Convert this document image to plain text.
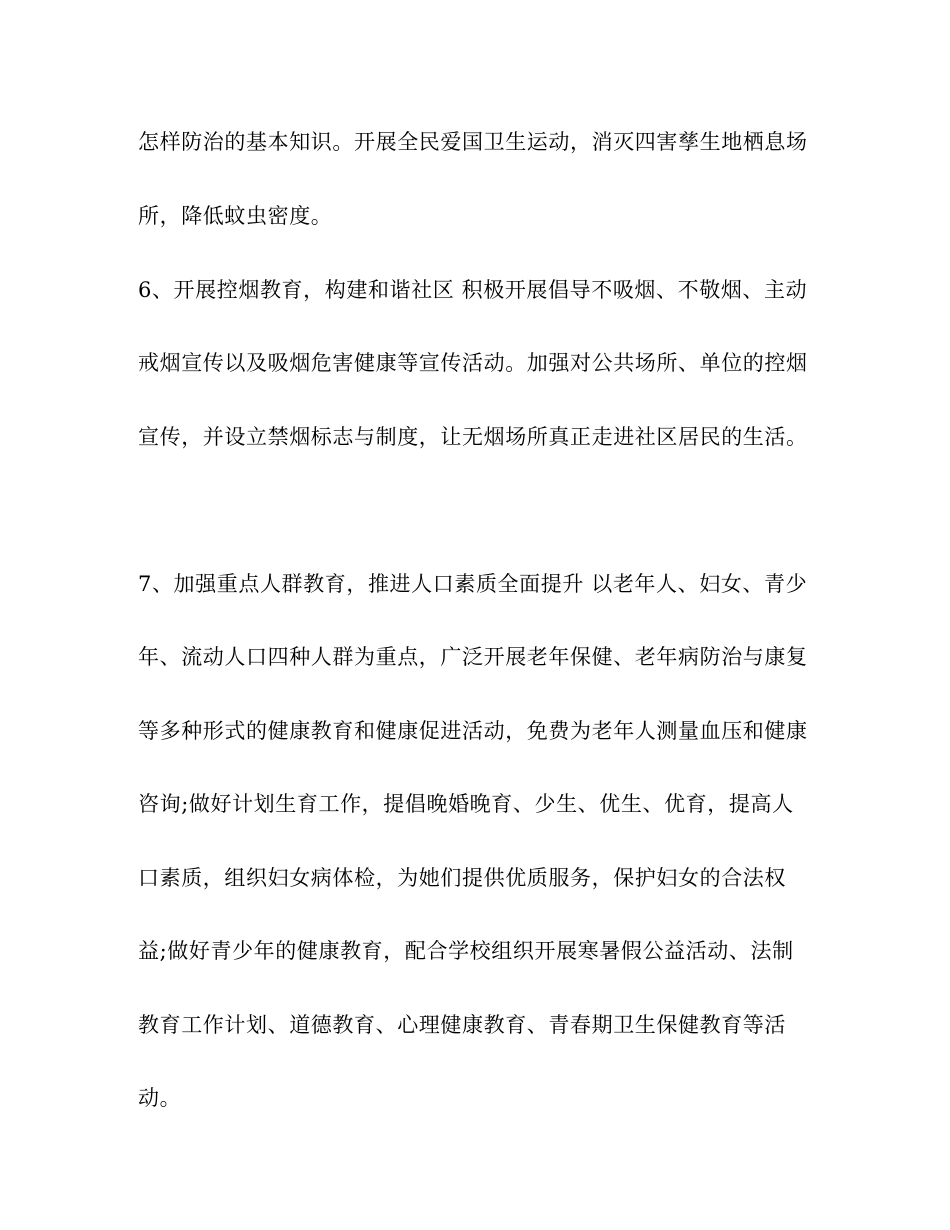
怎样防治的基本知识。开展全民爱国卫生运动，消灭四害孳生地栖息场
所，降低蚊虫密度。
6、开展控烟教育，构建和谐社区 积极开展倡导不吸烟、不敬烟、主动
戒烟宣传以及吸烟危害健康等宣传活动。加强对公共场所、单位的控烟
宣传，并设立禁烟标志与制度，让无烟场所真正走进社区居民的生活。
7、加强重点人群教育，推进人口素质全面提升 以老年人、妇女、青少
年、流动人口四种人群为重点，广泛开展老年保健、老年病防治与康复
等多种形式的健康教育和健康促进活动，免费为老年人测量血压和健康
咨询;做好计划生育工作，提倡晚婚晚育、少生、优生、优育，提高人
口素质，组织妇女病体检，为她们提供优质服务，保护妇女的合法权
益;做好青少年的健康教育，配合学校组织开展寒暑假公益活动、法制
教育工作计划、道德教育、心理健康教育、青春期卫生保健教育等活
动。
